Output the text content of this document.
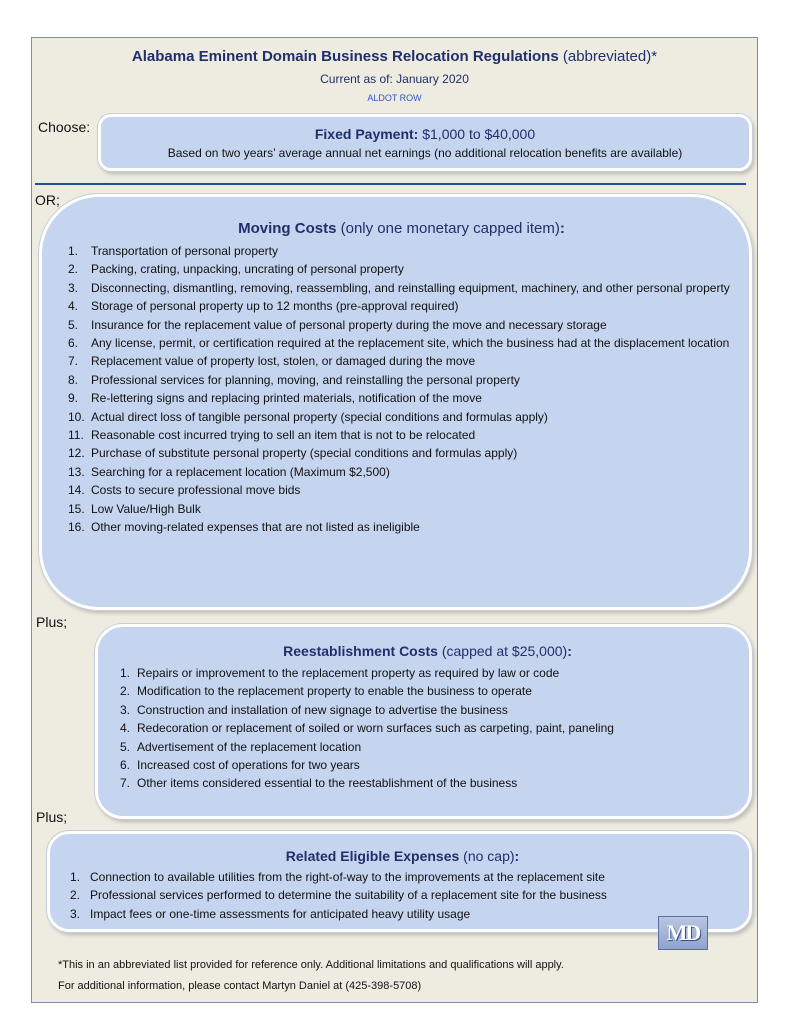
Alabama Eminent Domain Business Relocation Regulations (abbreviated)*
Current as of: January 2020
ALDOT ROW
Choose:	Fixed Payment: $1,000 to $40,000
Based on two years’ average annual net earnings (no additional relocation benefits are available)
OR;
Moving Costs (only one monetary capped item):
1.	Transportation of personal property
2.	Packing, crating, unpacking, uncrating of personal property
3.	Disconnecting, dismantling, removing, reassembling, and reinstalling equipment, machinery, and other personal property
4.	Storage of personal property up to 12 months (pre-approval required)
5.	Insurance for the replacement value of personal property during the move and necessary storage
6.	Any license, permit, or certification required at the replacement site, which the business had at the displacement location
7.	Replacement value of property lost, stolen, or damaged during the move
8.	Professional services for planning, moving, and reinstalling the personal property
9.	Re-lettering signs and replacing printed materials, notification of the move
10. Actual direct loss of tangible personal property (special conditions and formulas apply)
11. Reasonable cost incurred trying to sell an item that is not to be relocated
12. Purchase of substitute personal property (special conditions and formulas apply)
13. Searching for a replacement location (Maximum $2,500)
14. Costs to secure professional move bids
15. Low Value/High Bulk
16. Other moving-related expenses that are not listed as ineligible
Plus;
Reestablishment Costs (capped at $25,000):
1. Repairs or improvement to the replacement property as required by law or code
2. Modification to the replacement property to enable the business to operate
3. Construction and installation of new signage to advertise the business
4. Redecoration or replacement of soiled or worn surfaces such as carpeting, paint, paneling
5. Advertisement of the replacement location
6. Increased cost of operations for two years
7. Other items considered essential to the reestablishment of the business
Plus;
Related Eligible Expenses (no cap):
1. Connection to available utilities from the right-of-way to the improvements at the replacement site
2. Professional services performed to determine the suitability of a replacement site for the business
3. Impact fees or one-time assessments for anticipated heavy utility usage
*This in an abbreviated list provided for reference only. Additional limitations and qualifications will apply.
For additional information, please contact Martyn Daniel at (425-398-5708)
MD
